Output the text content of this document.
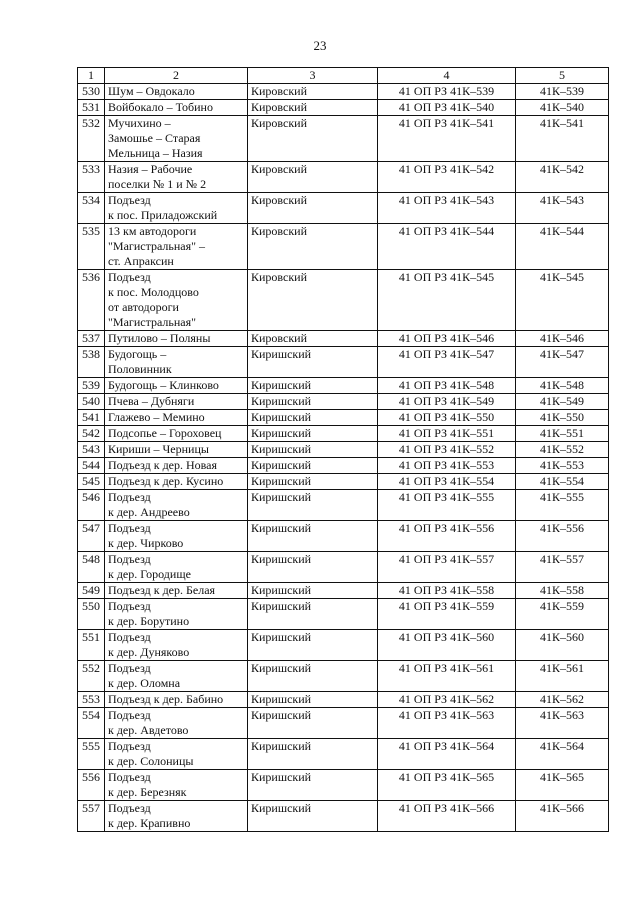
23
1	2	3	4	5
530	Шум – Овдокало	Кировский	41 ОП РЗ 41К–539	41К–539
531	Войбокало – Тобино	Кировский	41 ОП РЗ 41К–540	41К–540
532	Мучихино –
Замошье – Старая
Мельница – Назия	Кировский	41 ОП РЗ 41К–541	41К–541
533	Назия – Рабочие
поселки № 1 и № 2	Кировский	41 ОП РЗ 41К–542	41К–542
534	Подъезд
к пос. Приладожский	Кировский	41 ОП РЗ 41К–543	41К–543
535	13 км автодороги
"Магистральная" –
ст. Апраксин	Кировский	41 ОП РЗ 41К–544	41К–544
536	Подъезд
к пос. Молодцово
от автодороги
"Магистральная"	Кировский	41 ОП РЗ 41К–545	41К–545
537	Путилово – Поляны	Кировский	41 ОП РЗ 41К–546	41К–546
538	Будогощь –
Половинник	Киришский	41 ОП РЗ 41К–547	41К–547
539	Будогощь – Клинково	Киришский	41 ОП РЗ 41К–548	41К–548
540	Пчева – Дубняги	Киришский	41 ОП РЗ 41К–549	41К–549
541	Глажево – Мемино	Киришский	41 ОП РЗ 41К–550	41К–550
542	Подсопье – Гороховец	Киришский	41 ОП РЗ 41К–551	41К–551
543	Кириши – Черницы	Киришский	41 ОП РЗ 41К–552	41К–552
544	Подъезд к дер. Новая	Киришский	41 ОП РЗ 41К–553	41К–553
545	Подъезд к дер. Кусино	Киришский	41 ОП РЗ 41К–554	41К–554
546	Подъезд
к дер. Андреево	Киришский	41 ОП РЗ 41К–555	41К–555
547	Подъезд
к дер. Чирково	Киришский	41 ОП РЗ 41К–556	41К–556
548	Подъезд
к дер. Городище	Киришский	41 ОП РЗ 41К–557	41К–557
549	Подъезд к дер. Белая	Киришский	41 ОП РЗ 41К–558	41К–558
550	Подъезд
к дер. Борутино	Киришский	41 ОП РЗ 41К–559	41К–559
551	Подъезд
к дер. Дуняково	Киришский	41 ОП РЗ 41К–560	41К–560
552	Подъезд
к дер. Оломна	Киришский	41 ОП РЗ 41К–561	41К–561
553	Подъезд к дер. Бабино	Киришский	41 ОП РЗ 41К–562	41К–562
554	Подъезд
к дер. Авдетово	Киришский	41 ОП РЗ 41К–563	41К–563
555	Подъезд
к дер. Солоницы	Киришский	41 ОП РЗ 41К–564	41К–564
556	Подъезд
к дер. Березняк	Киришский	41 ОП РЗ 41К–565	41К–565
557	Подъезд
к дер. Крапивно	Киришский	41 ОП РЗ 41К–566	41К–566
